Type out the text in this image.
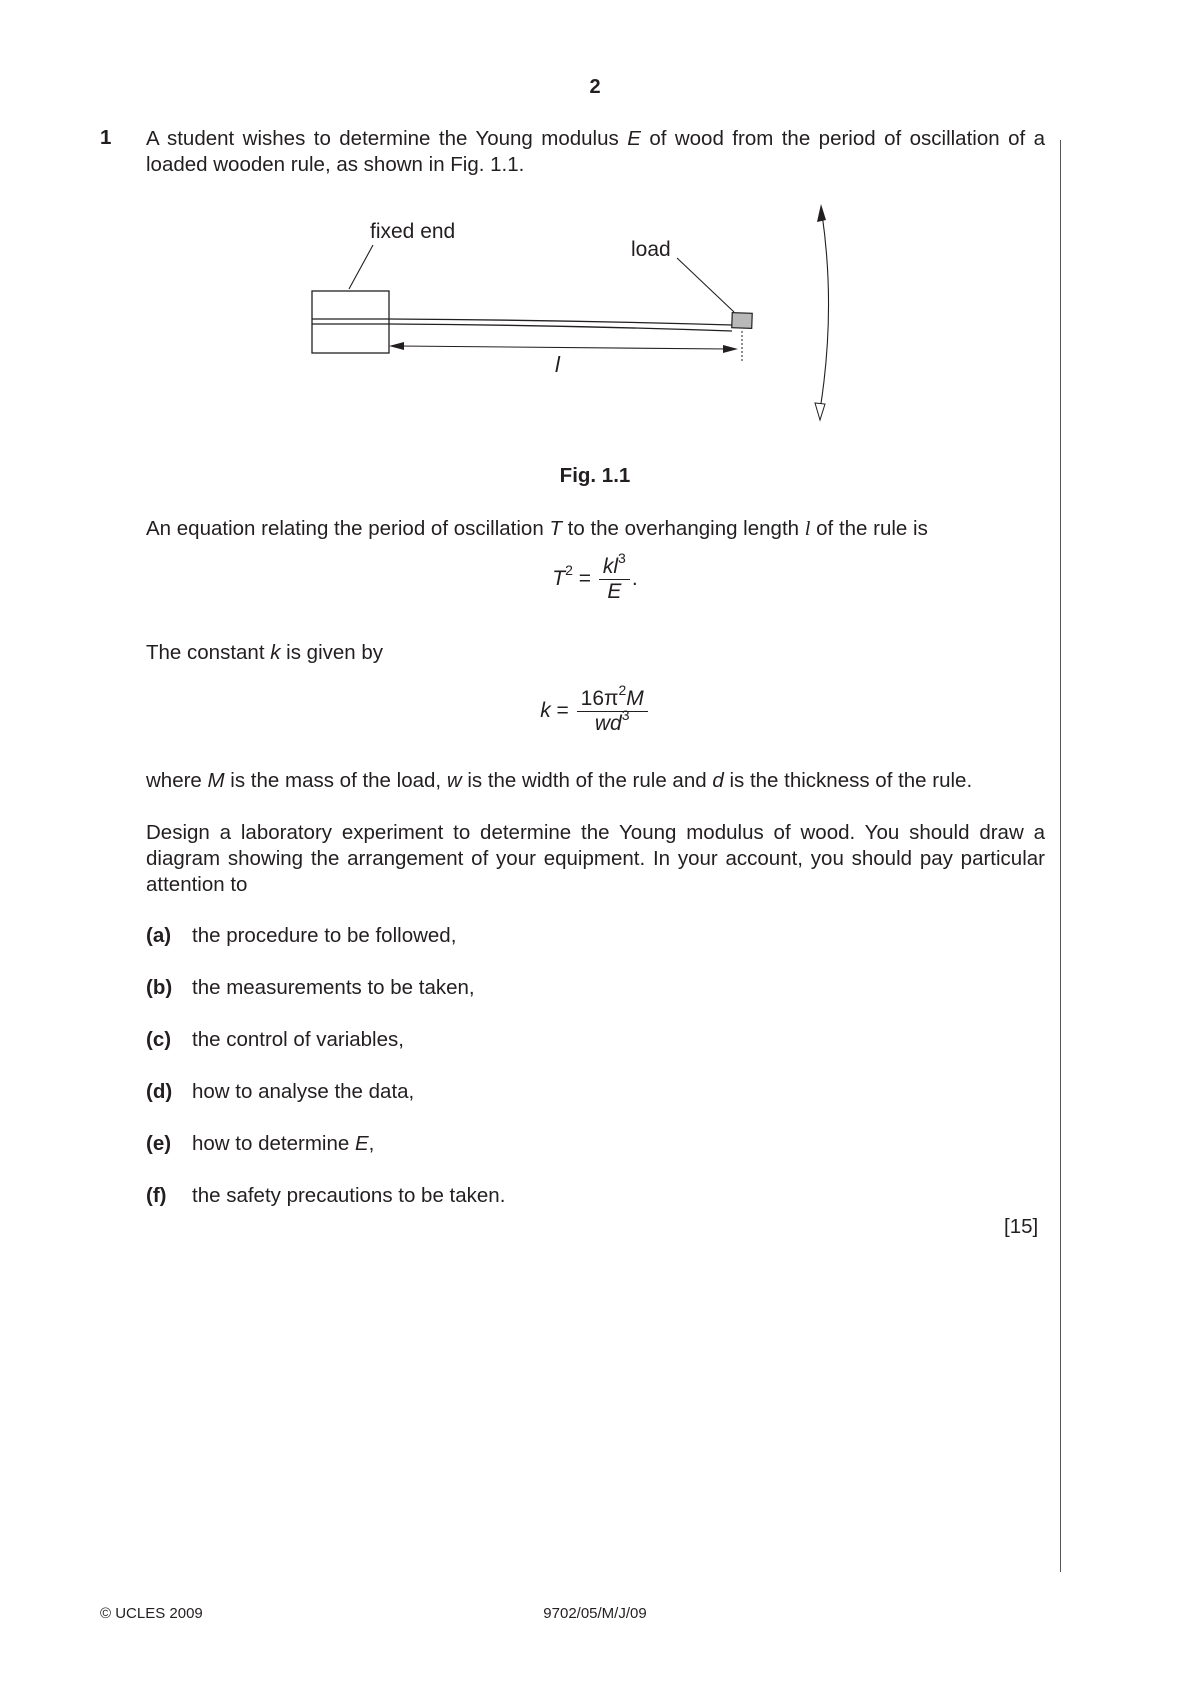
2
1 A student wishes to determine the Young modulus E of wood from the period of oscillation of a loaded wooden rule, as shown in Fig. 1.1.
fixed end
load
l
Fig. 1.1
An equation relating the period of oscillation T to the overhanging length l of the rule is
$T^2 = \frac{kl^3}{E}$ .
The constant k is given by
$k = \frac{16\pi^2M}{wd^3}$
where M is the mass of the load, w is the width of the rule and d is the thickness of the rule.
Design a laboratory experiment to determine the Young modulus of wood. You should draw a diagram showing the arrangement of your equipment. In your account, you should pay particular attention to
(a) the procedure to be followed,
(b) the measurements to be taken,
(c) the control of variables,
(d) how to analyse the data,
(e) how to determine E,
(f) the safety precautions to be taken.
[15]
© UCLES 2009	9702/05/M/J/09
